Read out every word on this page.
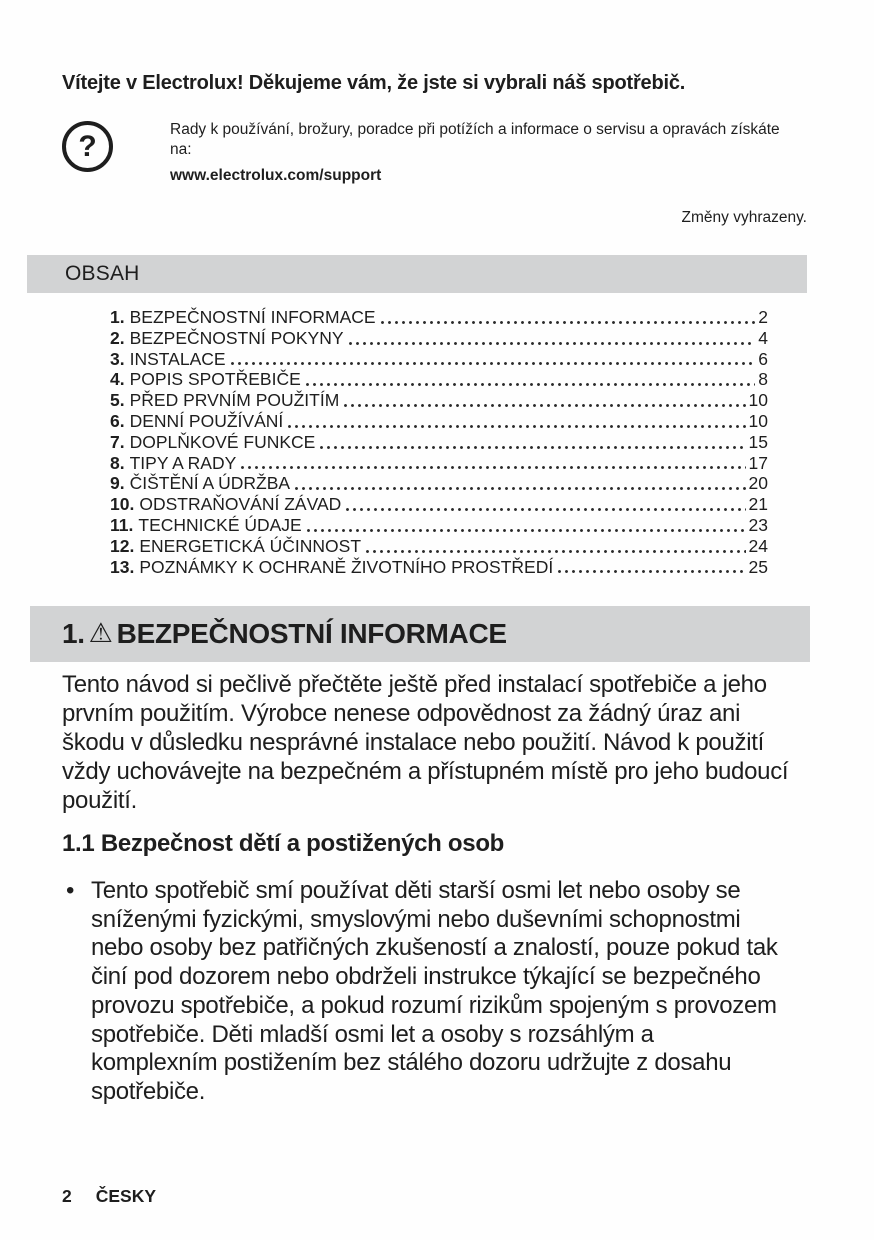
Vítejte v Electrolux! Děkujeme vám, že jste si vybrali náš spotřebič.
?	Rady k používání, brožury, poradce při potížích a informace o servisu a opravách získáte na:
www.electrolux.com/support
Změny vyhrazeny.
OBSAH
1. BEZPEČNOSTNÍ INFORMACE	2
2. BEZPEČNOSTNÍ POKYNY	4
3. INSTALACE	6
4. POPIS SPOTŘEBIČE	8
5. PŘED PRVNÍM POUŽITÍM	10
6. DENNÍ POUŽÍVÁNÍ	10
7. DOPLŇKOVÉ FUNKCE	15
8. TIPY A RADY	17
9. ČIŠTĚNÍ A ÚDRŽBA	20
10. ODSTRAŇOVÁNÍ ZÁVAD	21
11. TECHNICKÉ ÚDAJE	23
12. ENERGETICKÁ ÚČINNOST	24
13. POZNÁMKY K OCHRANĚ ŽIVOTNÍHO PROSTŘEDÍ	25
1. ⚠ BEZPEČNOSTNÍ INFORMACE

Tento návod si pečlivě přečtěte ještě před instalací spotřebiče a jeho prvním použitím. Výrobce nenese odpovědnost za žádný úraz ani škodu v důsledku nesprávné instalace nebo použití. Návod k použití vždy uchovávejte na bezpečném a přístupném místě pro jeho budoucí použití.

1.1 Bezpečnost dětí a postižených osob
• Tento spotřebič smí používat děti starší osmi let nebo osoby se sníženými fyzickými, smyslovými nebo duševními schopnostmi nebo osoby bez patřičných zkušeností a znalostí, pouze pokud tak činí pod dozorem nebo obdrželi instrukce týkající se bezpečného provozu spotřebiče, a pokud rozumí rizikům spojeným s provozem spotřebiče. Děti mladší osmi let a osoby s rozsáhlým a komplexním postižením bez stálého dozoru udržujte z dosahu spotřebiče.
2 ČESKY
